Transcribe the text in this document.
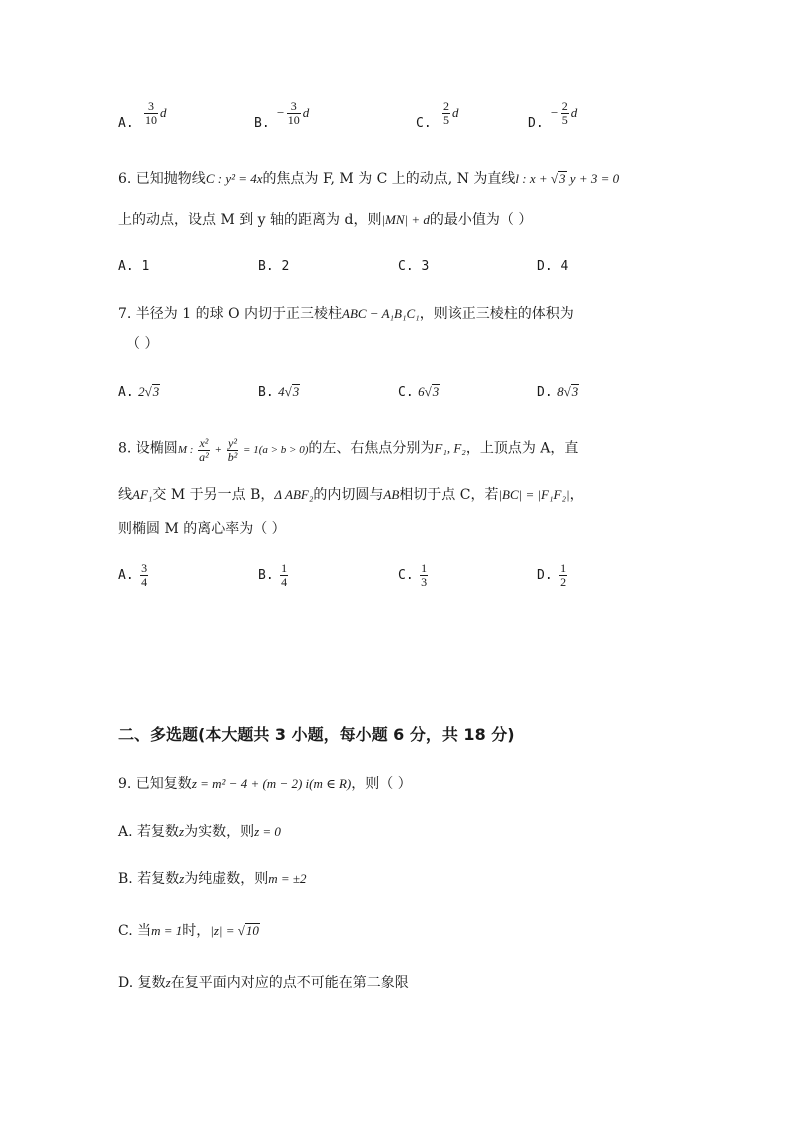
A. $\frac{3}{10}$ d
B.
− $\frac{3}{10}$ d
C. $\frac{2}{5}$ d
D.
− $\frac{2}{5}$ d
6. 已知抛物线C : y² = 4x的焦点为 F, M 为 C 上的动点, N 为直线l : x + √3 y + 3 = 0
上的动点，设点 M 到 y 轴的距离为 d，则|MN| + d的最小值为（ ）
A. 1	B. 2	C. 3	D. 4
7. 半径为 1 的球 O 内切于正三棱柱ABC − A₁B₁C₁，则该正三棱柱的体积为
（ ）
A. 2√3	B. 4√3	C. 6√3	D. 8√3
8. 设椭圆M : $\frac{\text{x²}}{\text{a²}} + \frac{\text{y²}}{\text{b²}} = 1(a > b > 0)$的左、右焦点分别为F₁, F₂，上顶点为 A，直
线AF₁交 M 于另一点 B，Δ ABF₂的内切圆与AB相切于点 C，若|BC| = |F₁F₂|，
则椭圆 M 的离心率为（ ）
A. $\frac{3}{4}$	B. $\frac{1}{4}$	C. $\frac{1}{3}$	D. $\frac{1}{2}$
二、多选题(本大题共 3 小题，每小题 6 分，共 18 分)
9. 已知复数z = m² − 4 + (m − 2) i(m ∈ R)，则（ ）
A. 若复数z为实数，则z = 0
B. 若复数z为纯虚数，则m = ±2
C. 当m = 1时，|z| = √10
D. 复数z在复平面内对应的点不可能在第二象限
